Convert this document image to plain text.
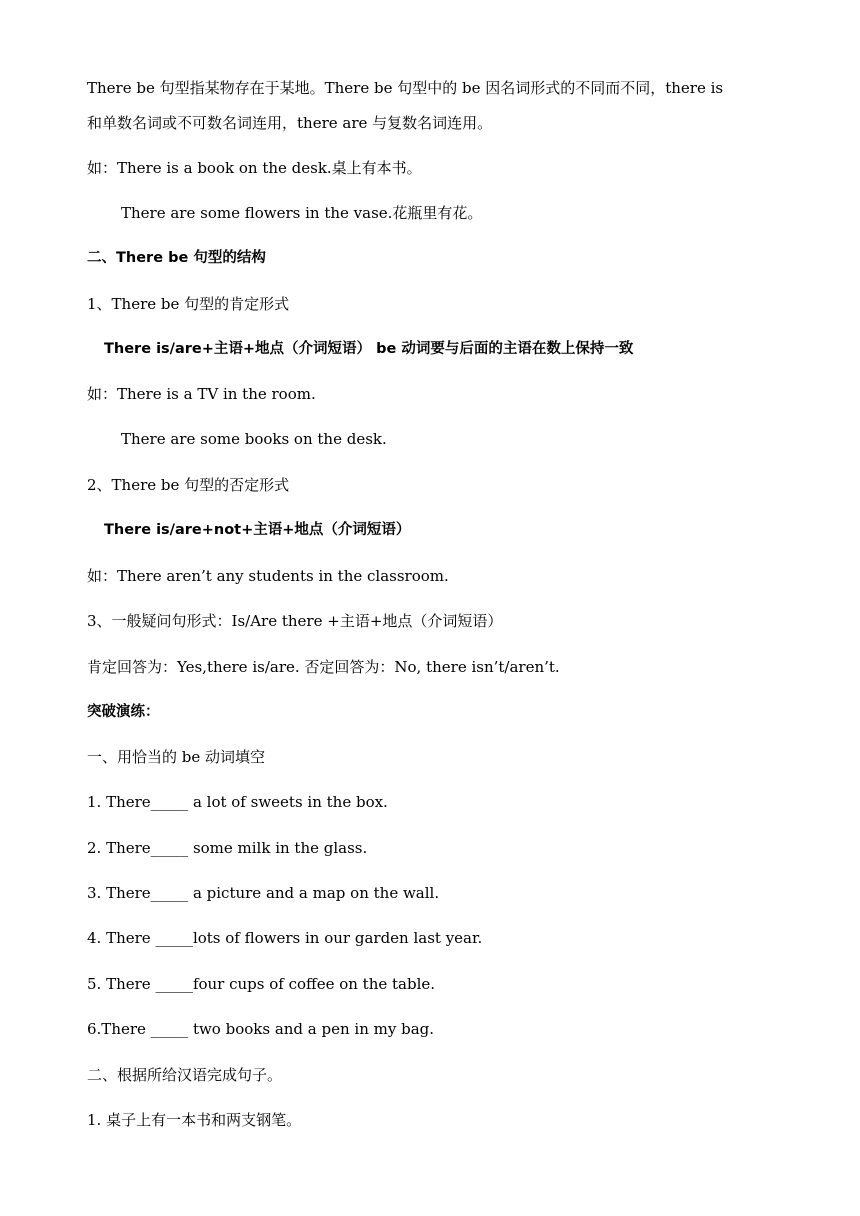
There be 句型指某物存在于某地。There be 句型中的 be 因名词形式的不同而不同，there is
和单数名词或不可数名词连用，there are 与复数名词连用。
如：There is a book on the desk.桌上有本书。
There are some flowers in the vase.花瓶里有花。
二、There be 句型的结构
1、There be 句型的肯定形式
There is/are+主语+地点（介词短语） be 动词要与后面的主语在数上保持一致
如：There is a TV in the room.
There are some books on the desk.
2、There be 句型的否定形式
There is/are+not+主语+地点（介词短语）
如：There aren’t any students in the classroom.
3、一般疑问句形式：Is/Are there +主语+地点（介词短语）
肯定回答为：Yes,there is/are. 否定回答为：No, there isn’t/aren’t.
突破演练：
一、用恰当的 be 动词填空
1. There_____ a lot of sweets in the box.
2. There_____ some milk in the glass.
3. There_____ a picture and a map on the wall.
4. There _____lots of flowers in our garden last year.
5. There _____four cups of coffee on the table.
6.There _____ two books and a pen in my bag.
二、根据所给汉语完成句子。
1. 桌子上有一本书和两支钢笔。
